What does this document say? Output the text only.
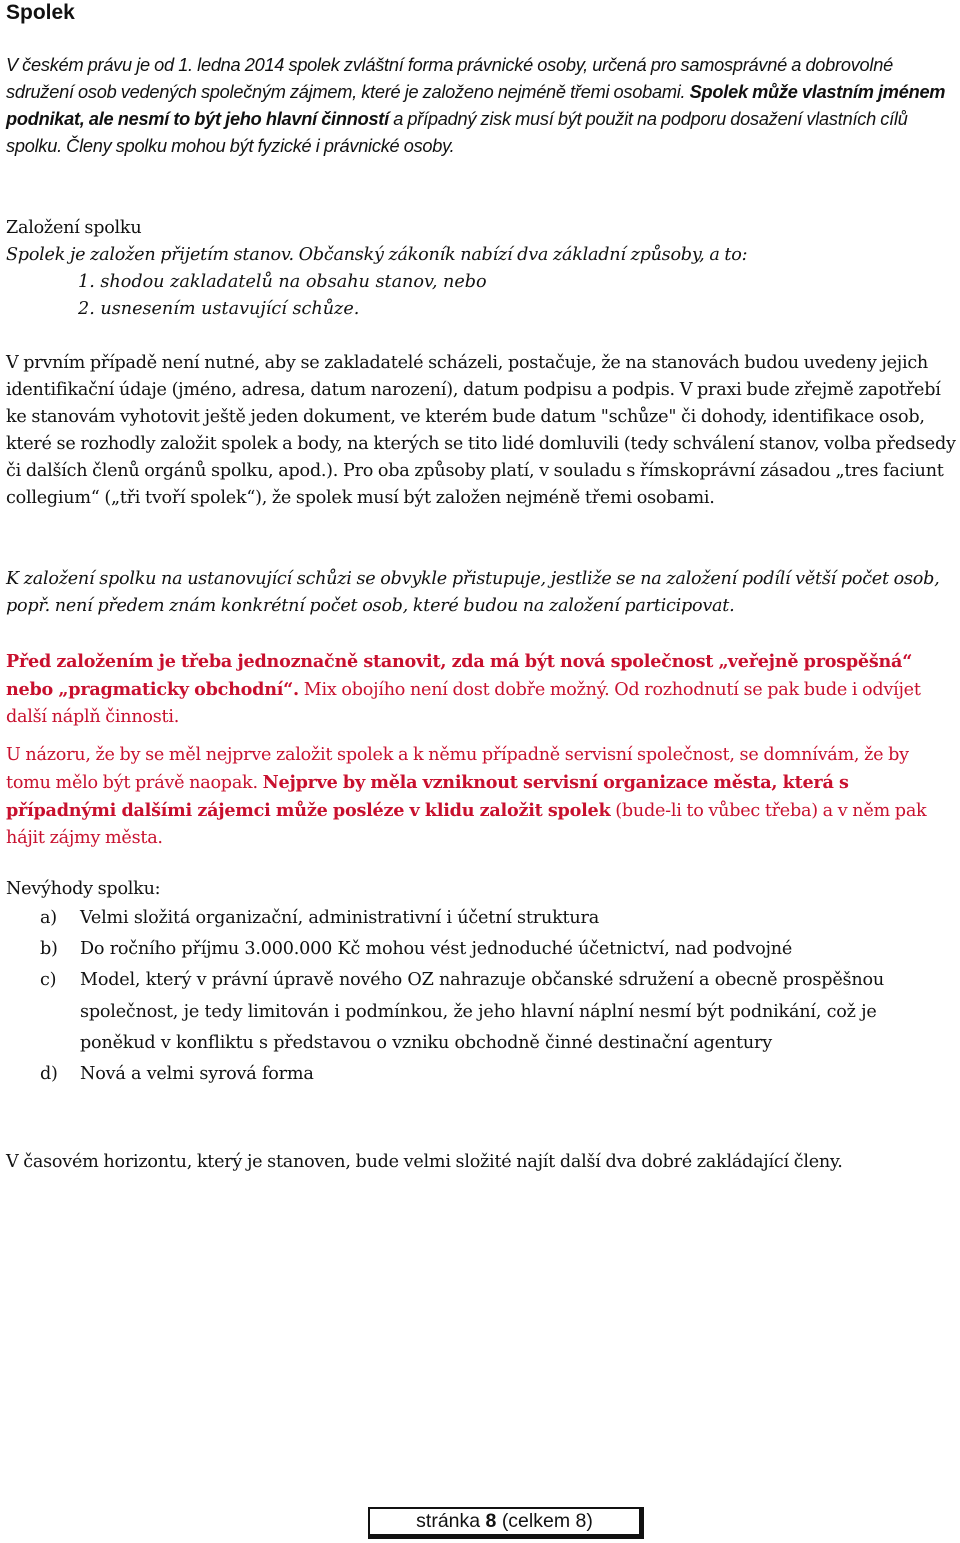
Spolek

V českém právu je od 1. ledna 2014 spolek zvláštní forma právnické osoby, určená pro samosprávné a dobrovolné sdružení osob vedených společným zájmem, které je založeno nejméně třemi osobami. Spolek může vlastním jménem podnikat, ale nesmí to být jeho hlavní činností a případný zisk musí být použit na podporu dosažení vlastních cílů spolku. Členy spolku mohou být fyzické i právnické osoby.

Založení spolku
Spolek je založen přijetím stanov. Občanský zákoník nabízí dva základní způsoby, a to:
1. shodou zakladatelů na obsahu stanov, nebo
2. usnesením ustavující schůze.

V prvním případě není nutné, aby se zakladatelé scházeli, postačuje, že na stanovách budou uvedeny jejich identifikační údaje (jméno, adresa, datum narození), datum podpisu a podpis. V praxi bude zřejmě zapotřebí ke stanovám vyhotovit ještě jeden dokument, ve kterém bude datum "schůze" či dohody, identifikace osob, které se rozhodly založit spolek a body, na kterých se tito lidé domluvili (tedy schválení stanov, volba předsedy či dalších členů orgánů spolku, apod.). Pro oba způsoby platí, v souladu s římskoprávní zásadou „tres faciunt collegium“ („tři tvoří spolek“), že spolek musí být založen nejméně třemi osobami.

K založení spolku na ustanovující schůzi se obvykle přistupuje, jestliže se na založení podílí větší počet osob, popř. není předem znám konkrétní počet osob, které budou na založení participovat.

Před založením je třeba jednoznačně stanovit, zda má být nová společnost „veřejně prospěšná“ nebo „pragmaticky obchodní“. Mix obojího není dost dobře možný. Od rozhodnutí se pak bude i odvíjet další náplň činnosti.

U názoru, že by se měl nejprve založit spolek a k němu případně servisní společnost, se domnívám, že by tomu mělo být právě naopak. Nejprve by měla vzniknout servisní organizace města, která s případnými dalšími zájemci může posléze v klidu založit spolek (bude-li to vůbec třeba) a v něm pak hájit zájmy města.

Nevýhody spolku:
a) Velmi složitá organizační, administrativní i účetní struktura
b) Do ročního příjmu 3.000.000 Kč mohou vést jednoduché účetnictví, nad podvojné
c) Model, který v právní úpravě nového OZ nahrazuje občanské sdružení a obecně prospěšnou společnost, je tedy limitován i podmínkou, že jeho hlavní náplní nesmí být podnikání, což je poněkud v konfliktu s představou o vzniku obchodně činné destinační agentury
d) Nová a velmi syrová forma

V časovém horizontu, který je stanoven, bude velmi složité najít další dva dobré zakládající členy.

stránka 8 (celkem 8)
